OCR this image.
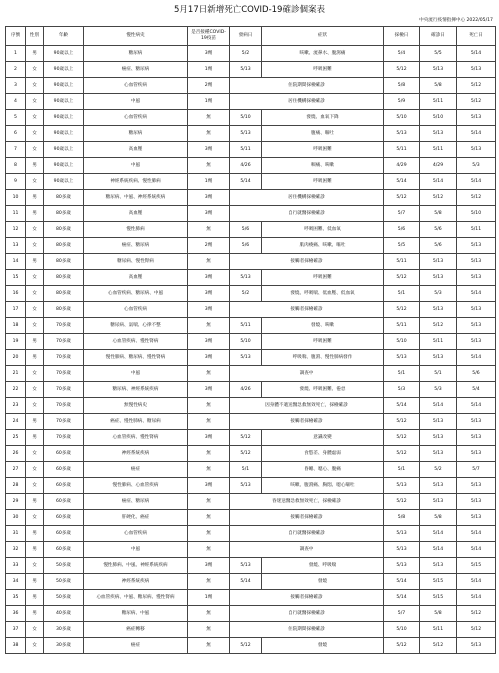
5月17日新增死亡COVID-19確診個案表
中央流行疫情指揮中心 2022/05/17
序號	性別	年齡	慢性病史	是否接種COVID-19疫苗	發病日	症狀	採檢日	確診日	死亡日
1	男	90歲以上	糖尿病	3劑	5/2	咳嗽、流鼻水、腹瀉痛	5/4	5/5	5/14
2	女	90歲以上	癌症、糖尿病	1劑	5/13	呼吸困難	5/12	5/13	5/13
3	女	90歲以上	心血管疾病	2劑	住院期間採檢確診		5/8	5/8	5/12
4	女	90歲以上	中風	1劑	居住機構採檢確診		5/9	5/11	5/12
5	女	90歲以上	心血管疾病	無	5/10	發燒、血氧下降	5/10	5/10	5/13
6	女	90歲以上	糖尿病	無	5/13	腹痛、嘔吐	5/13	5/13	5/14
7	女	90歲以上	高血壓	3劑	5/11	呼吸困難	5/11	5/11	5/13
8	男	90歲以上	中風	無	4/26	咽痛、咳嗽	4/29	4/29	5/3
9	女	90歲以上	神經系統疾病、慢性肺病	1劑	5/14	呼吸困難	5/14	5/14	5/14
10	男	80多歲	糖尿病、中風、神經系統疾病	3劑	居住機構採檢確診		5/12	5/12	5/12
11	男	80多歲	高血壓	3劑	自行就醫採檢確診		5/7	5/8	5/10
12	女	80多歲	慢性肺病	無	5/6	呼吸困難、低血氧	5/6	5/6	5/11
13	女	80多歲	癌症、糖尿病	2劑	5/6	肌肉痠痛、咳嗽、嘔吐	5/5	5/6	5/13
14	男	80多歲	糖尿病、慢性腎病	無	接觸者採檢確診		5/11	5/13	5/13
15	女	80多歲	高血壓	3劑	5/13	呼吸困難	5/12	5/13	5/13
16	女	80多歲	心血管疾病、糖尿病、中風	3劑	5/2	發燒、呼吸喘、低血壓、低血氧	5/1	5/3	5/14
17	女	80多歲	心血管疾病	3劑	接觸者採檢確診		5/12	5/13	5/13
18	女	70多歲	糖尿病、氣喘、心律不整	無	5/11	發燒、咳嗽	5/11	5/12	5/13
19	男	70多歲	心血管疾病、慢性腎病	3劑	5/10	呼吸困難	5/10	5/11	5/13
20	男	70多歲	慢性肺病、糖尿病、慢性腎病	3劑	5/13	呼吸喘、腹瀉、慢性肺病發作	5/13	5/13	5/14
21	女	70多歲	中風	無	調查中		5/1	5/1	5/6
22	女	70多歲	糖尿病、神經系統疾病	3劑	4/26	發燒、呼吸困難、倦怠	5/3	5/3	5/4
23	女	70多歲	無慢性病史	無	因身體不適送醫急救無效死亡，採檢確診		5/14	5/14	5/14
24	男	70多歲	癌症、慢性肺病、糖尿病	無	接觸者採檢確診		5/12	5/13	5/13
25	男	70多歲	心血管疾病、慢性腎病	3劑	5/12	意識改變	5/12	5/13	5/13
26	女	60多歲	神經系統疾病	無	5/12	食慾差、身體虛弱	5/12	5/13	5/13
27	女	60多歲	癌症	無	5/1	昏睡、噁心、腹痛	5/1	5/2	5/7
28	女	60多歲	慢性肺病、心血管疾病	3劑	5/13	咳嗽、腹瀉痛、胸悶、噁心嘔吐	5/13	5/13	5/13
29	男	60多歲	癌症、糖尿病	無	昏迷送醫急救無效死亡，採檢確診		5/12	5/13	5/13
30	女	60多歲	肝硬化、癌症	無	接觸者採檢確診		5/8	5/8	5/13
31	男	60多歲	心血管疾病	無	自行就醫採檢確診		5/13	5/14	5/14
32	男	60多歲	中風	無	調查中		5/13	5/14	5/14
33	女	50多歲	慢性肺病、中風、神經系統疾病	3劑	5/13	發燒、呼吸喘	5/13	5/13	5/15
34	男	50多歲	神經系統疾病	無	5/14	發燒	5/14	5/15	5/14
35	男	50多歲	心血管疾病、中風、糖尿病、慢性腎病	1劑	接觸者採檢確診		5/14	5/15	5/14
36	男	40多歲	糖尿病、中風	無	自行就醫採檢確診		5/7	5/8	5/12
37	女	30多歲	癌症轉移	無	住院期間採檢確診		5/10	5/11	5/12
38	女	30多歲	癌症	無	5/12	發燒	5/12	5/12	5/13
